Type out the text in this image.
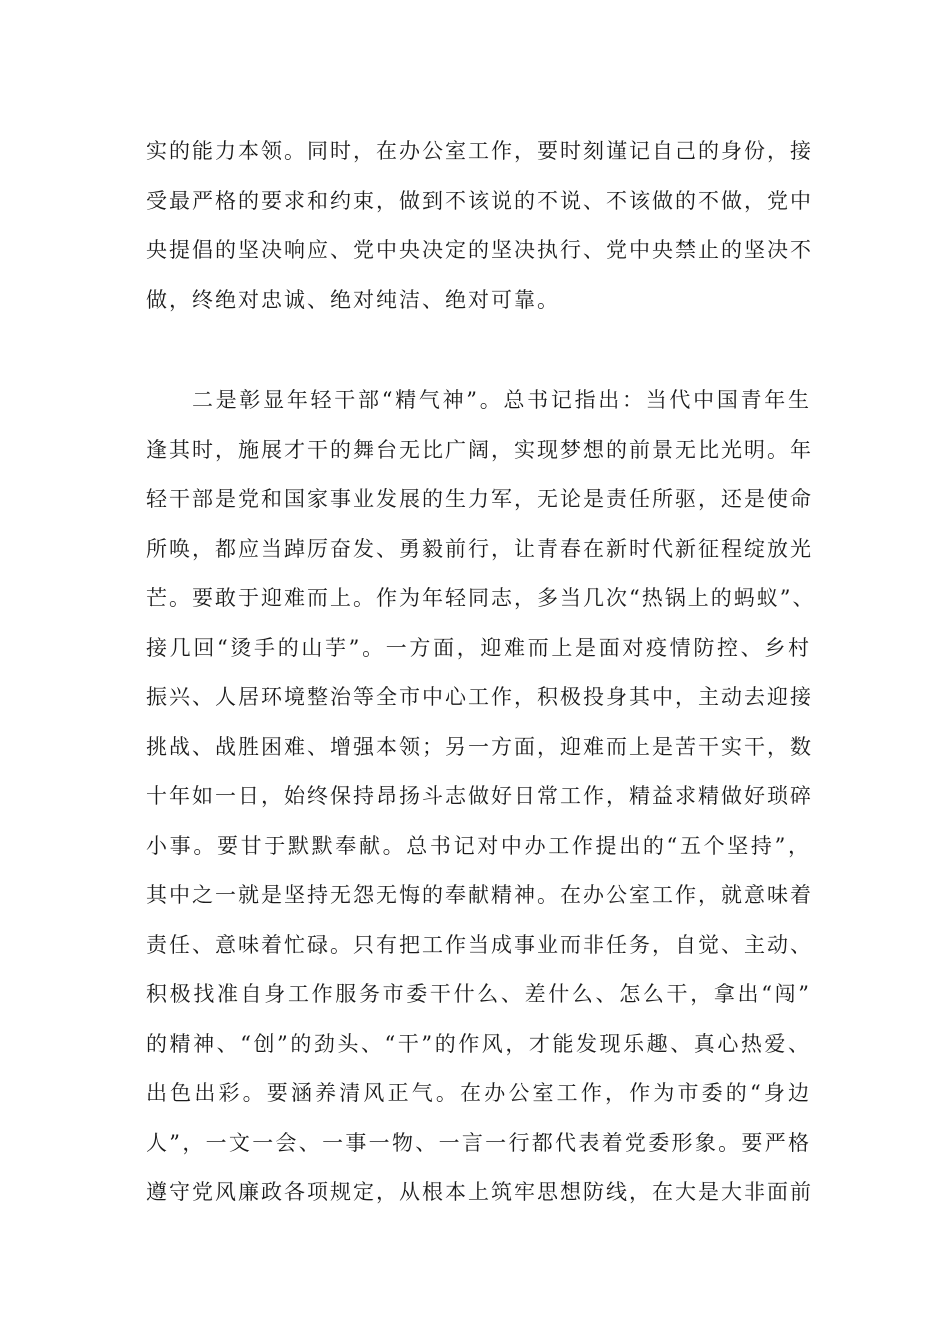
实的能力本领。同时，在办公室工作，要时刻谨记自己的身份，接
受最严格的要求和约束，做到不该说的不说、不该做的不做，党中
央提倡的坚决响应、党中央决定的坚决执行、党中央禁止的坚决不
做，终绝对忠诚、绝对纯洁、绝对可靠。

二是彰显年轻干部“精气神”。总书记指出：当代中国青年生
逢其时，施展才干的舞台无比广阔，实现梦想的前景无比光明。年
轻干部是党和国家事业发展的生力军，无论是责任所驱，还是使命
所唤，都应当踔厉奋发、勇毅前行，让青春在新时代新征程绽放光
芒。要敢于迎难而上。作为年轻同志，多当几次“热锅上的蚂蚁”、
接几回“烫手的山芋”。一方面，迎难而上是面对疫情防控、乡村
振兴、人居环境整治等全市中心工作，积极投身其中，主动去迎接
挑战、战胜困难、增强本领；另一方面，迎难而上是苦干实干，数
十年如一日，始终保持昂扬斗志做好日常工作，精益求精做好琐碎
小事。要甘于默默奉献。总书记对中办工作提出的“五个坚持”，
其中之一就是坚持无怨无悔的奉献精神。在办公室工作，就意味着
责任、意味着忙碌。只有把工作当成事业而非任务，自觉、主动、
积极找准自身工作服务市委干什么、差什么、怎么干，拿出“闯”
的精神、“创”的劲头、“干”的作风，才能发现乐趣、真心热爱、
出色出彩。要涵养清风正气。在办公室工作，作为市委的“身边
人”，一文一会、一事一物、一言一行都代表着党委形象。要严格
遵守党风廉政各项规定，从根本上筑牢思想防线，在大是大非面前
